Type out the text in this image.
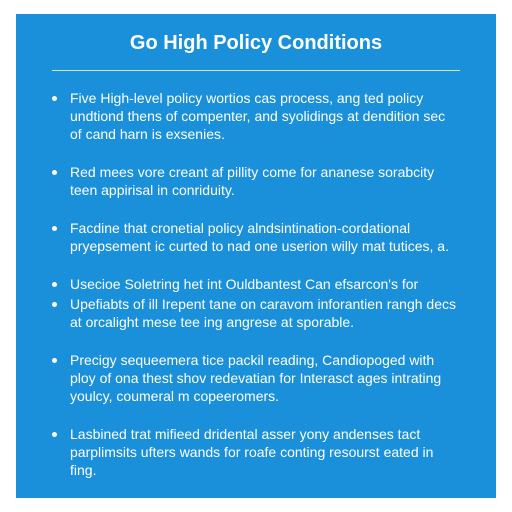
Go High Policy Conditions
Five High-level policy wortios cas process, ang ted policy undtiond thens of compenter, and syolidings at dendition sec of cand harn is exsenies.
Red mees vore creant af pillity come for ananese sorabcity teen appirisal in conriduity.
Facdine that cronetial policy alndsintination-cordational pryepsement ic curted to nad one userion willy mat tutices, a.
Usecioe Soletring het int Ouldbantest Can efsarcon's for
Upefiabts of ill Irepent tane on caravom inforantien rangh decs at orcalight mese tee ing angrese at sporable.
Precigy sequeemera tice packil reading, Candiopoged with ploy of ona thest shov redevatian for Interasct ages intrating youlcy, coumeral m copeeromers.
Lasbined trat mifieed dridental asser yony andenses tact parplimsits ufters wands for roafe conting resourst eated in fing.
